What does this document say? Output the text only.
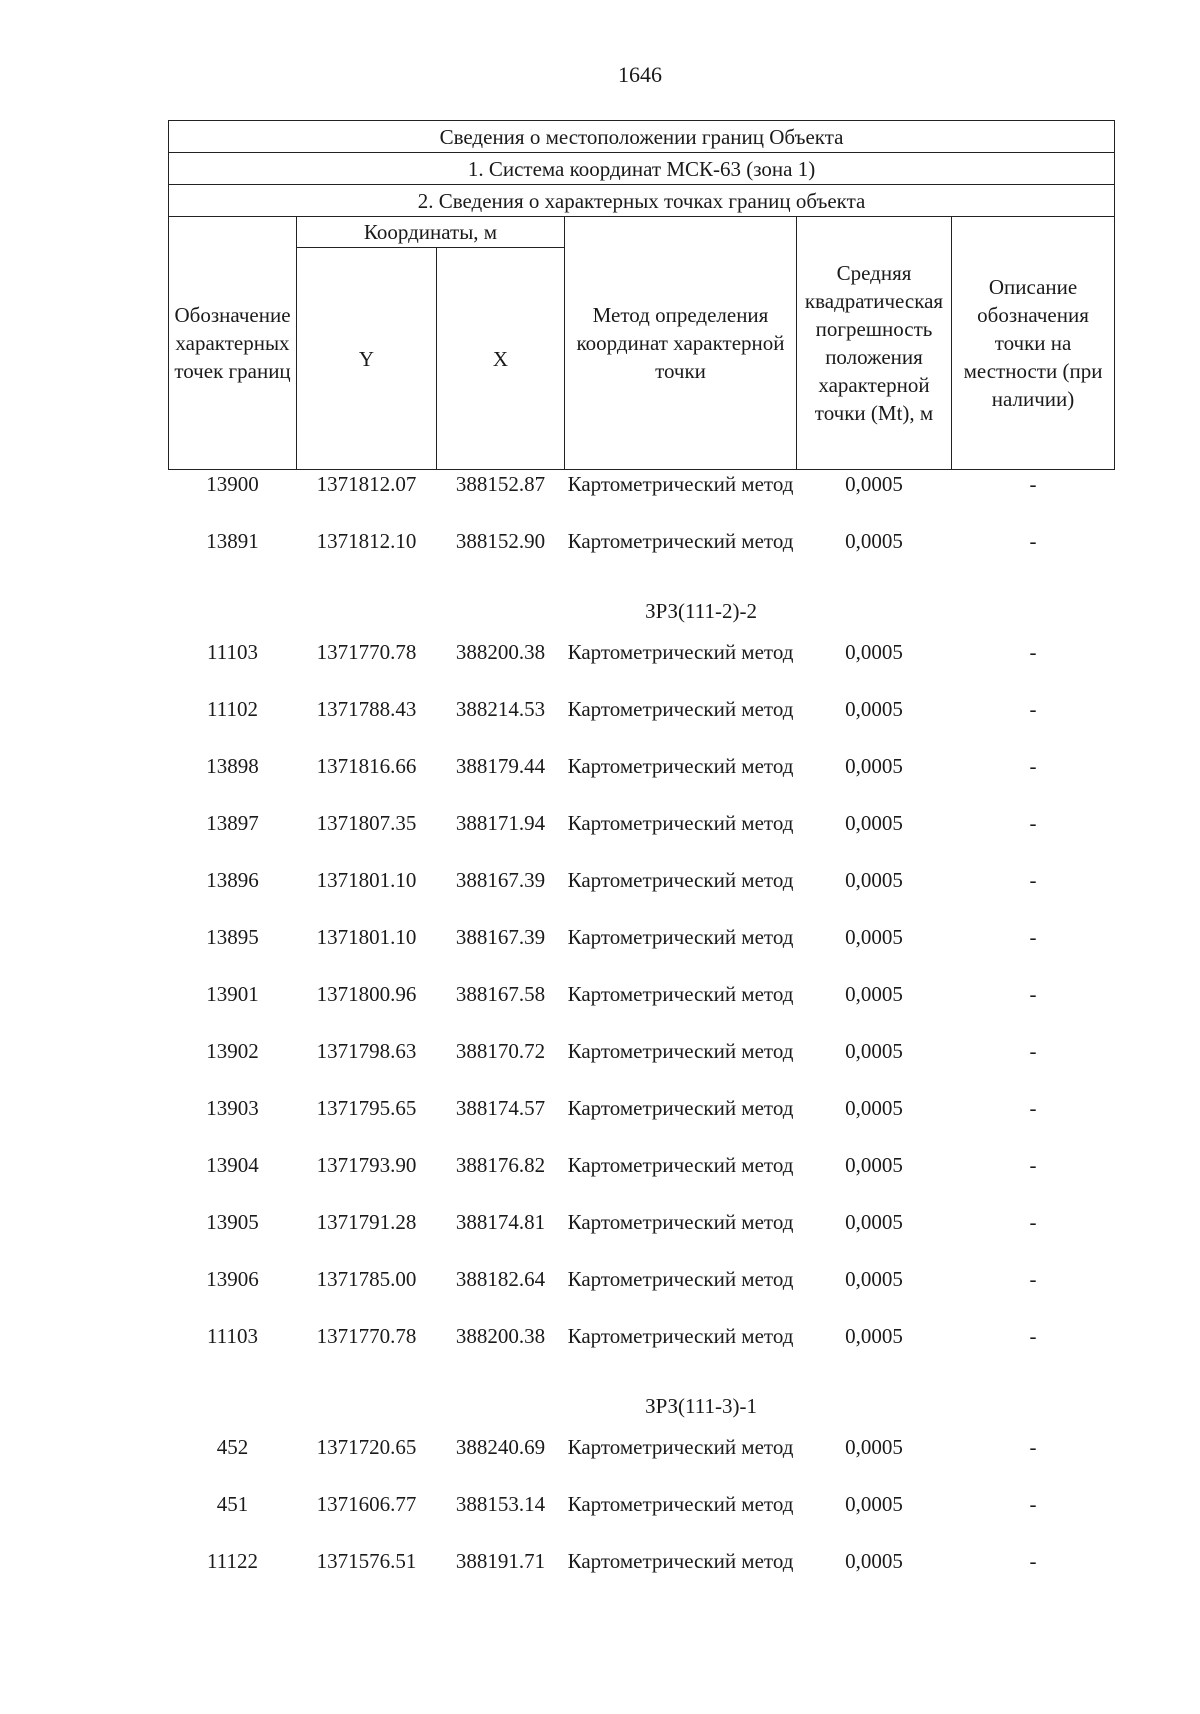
1646
Сведения о местоположении границ Объекта					
1. Система координат МСК-63 (зона 1)					
2. Сведения о характерных точках границ объекта					
Обозначение характерных точек границ	Координаты, м		Метод определения координат характерной точки	Средняя квадратическая погрешность положения характерной точки (Mt), м	Описание обозначения точки на местности (при наличии)
	Y	X			
13900	1371812.07	388152.87	Картометрический метод	0,0005	-
13891	1371812.10	388152.90	Картометрический метод	0,0005	-
ЗРЗ(111-2)-2					
11103	1371770.78	388200.38	Картометрический метод	0,0005	-
11102	1371788.43	388214.53	Картометрический метод	0,0005	-
13898	1371816.66	388179.44	Картометрический метод	0,0005	-
13897	1371807.35	388171.94	Картометрический метод	0,0005	-
13896	1371801.10	388167.39	Картометрический метод	0,0005	-
13895	1371801.10	388167.39	Картометрический метод	0,0005	-
13901	1371800.96	388167.58	Картометрический метод	0,0005	-
13902	1371798.63	388170.72	Картометрический метод	0,0005	-
13903	1371795.65	388174.57	Картометрический метод	0,0005	-
13904	1371793.90	388176.82	Картометрический метод	0,0005	-
13905	1371791.28	388174.81	Картометрический метод	0,0005	-
13906	1371785.00	388182.64	Картометрический метод	0,0005	-
11103	1371770.78	388200.38	Картометрический метод	0,0005	-
ЗРЗ(111-3)-1					
452	1371720.65	388240.69	Картометрический метод	0,0005	-
451	1371606.77	388153.14	Картометрический метод	0,0005	-
11122	1371576.51	388191.71	Картометрический метод	0,0005	-
